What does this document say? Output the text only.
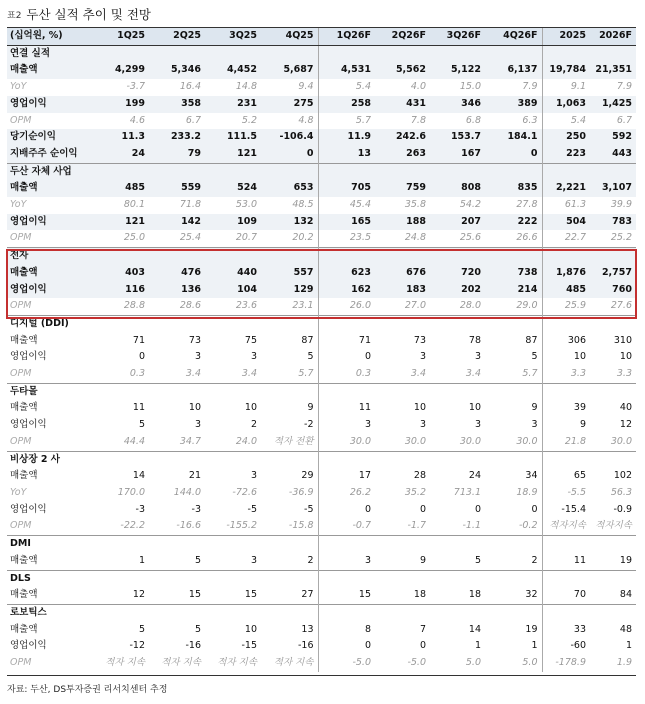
표2 두산 실적 추이 및 전망
(십억원, %)	1Q25	2Q25	3Q25	4Q25	1Q26F	2Q26F	3Q26F	4Q26F	2025	2026F
연결 실적										
매출액	4,299	5,346	4,452	5,687	4,531	5,562	5,122	6,137	19,784	21,351
YoY	-3.7	16.4	14.8	9.4	5.4	4.0	15.0	7.9	9.1	7.9
영업이익	199	358	231	275	258	431	346	389	1,063	1,425
OPM	4.6	6.7	5.2	4.8	5.7	7.8	6.8	6.3	5.4	6.7
당기순이익	11.3	233.2	111.5	-106.4	11.9	242.6	153.7	184.1	250	592
지배주주 순이익	24	79	121	0	13	263	167	0	223	443
두산 자체 사업										
매출액	485	559	524	653	705	759	808	835	2,221	3,107
YoY	80.1	71.8	53.0	48.5	45.4	35.8	54.2	27.8	61.3	39.9
영업이익	121	142	109	132	165	188	207	222	504	783
OPM	25.0	25.4	20.7	20.2	23.5	24.8	25.6	26.6	22.7	25.2
전자										
매출액	403	476	440	557	623	676	720	738	1,876	2,757
영업이익	116	136	104	129	162	183	202	214	485	760
OPM	28.8	28.6	23.6	23.1	26.0	27.0	28.0	29.0	25.9	27.6
디지털 (DDI)										
매출액	71	73	75	87	71	73	78	87	306	310
영업이익	0	3	3	5	0	3	3	5	10	10
OPM	0.3	3.4	3.4	5.7	0.3	3.4	3.4	5.7	3.3	3.3
두타몰										
매출액	11	10	10	9	11	10	10	9	39	40
영업이익	5	3	2	-2	3	3	3	3	9	12
OPM	44.4	34.7	24.0	적자 전환	30.0	30.0	30.0	30.0	21.8	30.0
비상장 2 사										
매출액	14	21	3	29	17	28	24	34	65	102
YoY	170.0	144.0	-72.6	-36.9	26.2	35.2	713.1	18.9	-5.5	56.3
영업이익	-3	-3	-5	-5	0	0	0	0	-15.4	-0.9
OPM	-22.2	-16.6	-155.2	-15.8	-0.7	-1.7	-1.1	-0.2	적자지속	적자지속
DMI										
매출액	1	5	3	2	3	9	5	2	11	19
DLS										
매출액	12	15	15	27	15	18	18	32	70	84
로보틱스										
매출액	5	5	10	13	8	7	14	19	33	48
영업이익	-12	-16	-15	-16	0	0	1	1	-60	1
OPM	적자 지속	적자 지속	적자 지속	적자 지속	-5.0	-5.0	5.0	5.0	-178.9	1.9
자료: 두산, DS투자증권 리서치센터 추정
